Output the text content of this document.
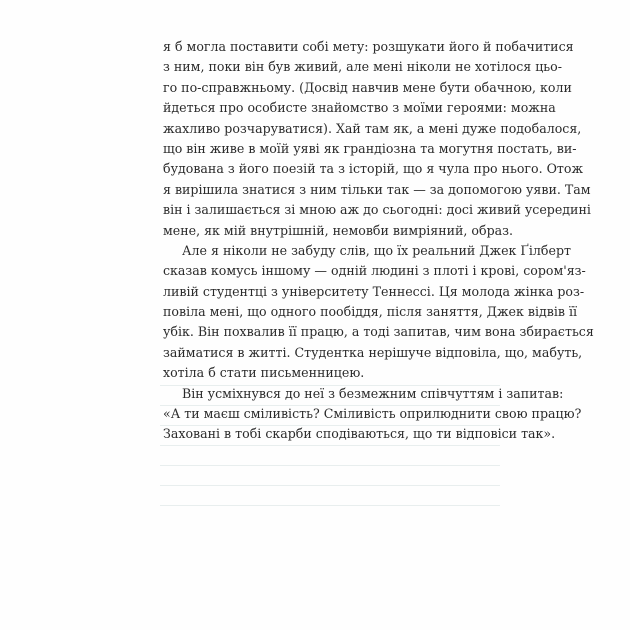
я б могла поставити собі мету: розшукати його й побачитися
з ним, поки він був живий, але мені ніколи не хотілося цьо-
го по-справжньому. (Досвід навчив мене бути обачною, коли
йдеться про особисте знайомство з моїми героями: можна
жахливо розчаруватися). Хай там як, а мені дуже подобалося,
що він живе в моїй уяві як грандіозна та могутня постать, ви-
будована з його поезій та з історій, що я чула про нього. Отож
я вирішила знатися з ним тільки так — за допомогою уяви. Там
він і залишається зі мною аж до сьогодні: досі живий усередині
мене, як мій внутрішній, немовби вимріяний, образ.
Але я ніколи не забуду слів, що їх реальний Джек Ґілберт
сказав комусь іншому — одній людині з плоті і крові, сором'яз-
ливій студентці з університету Теннессі. Ця молода жінка роз-
повіла мені, що одного пообіддя, після заняття, Джек відвів її
убік. Він похвалив її працю, а тоді запитав, чим вона збирається
займатися в житті. Студентка нерішуче відповіла, що, мабуть,
хотіла б стати письменницею.
Він усміхнувся до неї з безмежним співчуттям і запитав:
«А ти маєш сміливість? Сміливість оприлюднити свою працю?
Заховані в тобі скарби сподіваються, що ти відповіси так».
